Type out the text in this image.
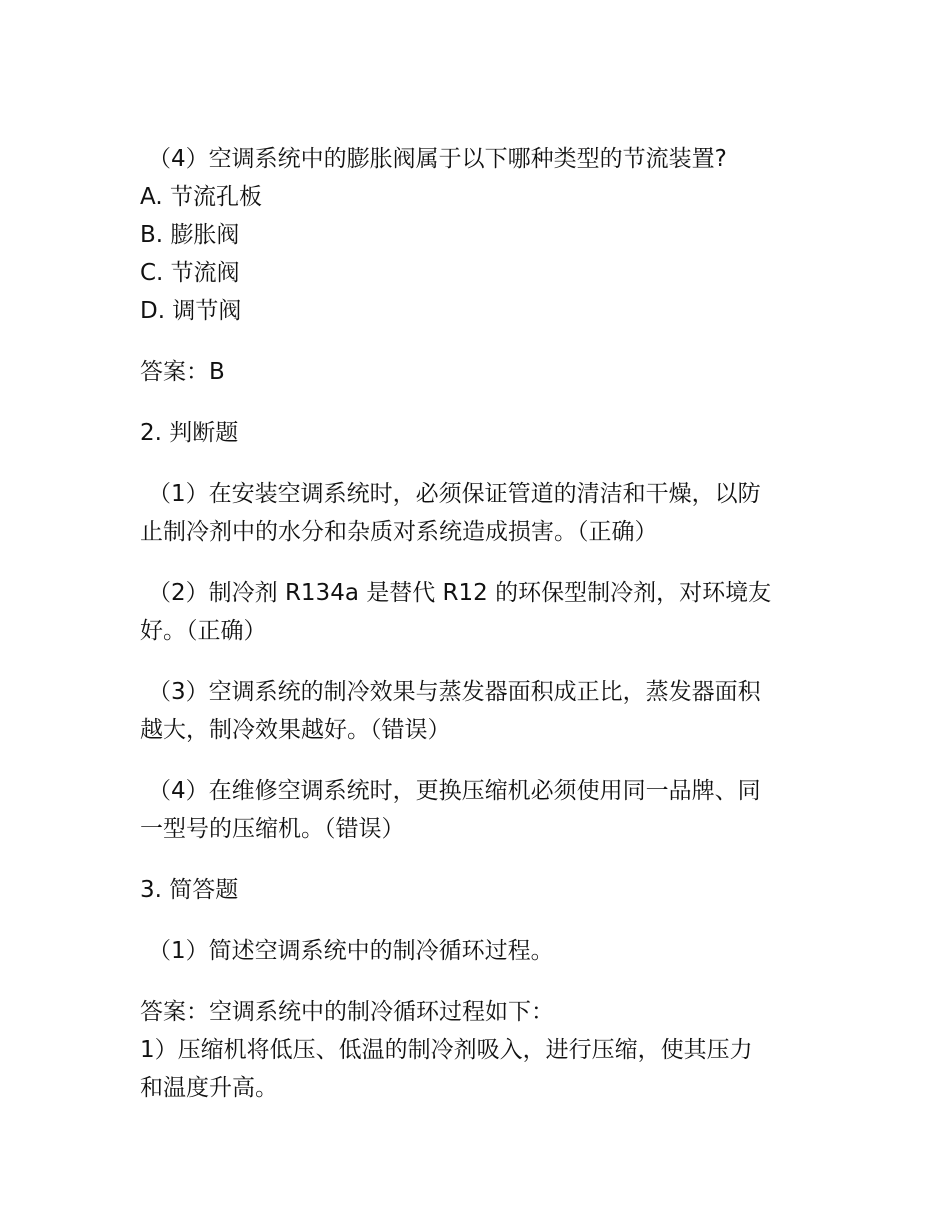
（4）空调系统中的膨胀阀属于以下哪种类型的节流装置?
A. 节流孔板
B. 膨胀阀
C. 节流阀
D. 调节阀
答案：B
2. 判断题
（1）在安装空调系统时，必须保证管道的清洁和干燥，以防
止制冷剂中的水分和杂质对系统造成损害。（正确）
（2）制冷剂 R134a 是替代 R12 的环保型制冷剂，对环境友
好。（正确）
（3）空调系统的制冷效果与蒸发器面积成正比，蒸发器面积
越大，制冷效果越好。（错误）
（4）在维修空调系统时，更换压缩机必须使用同一品牌、同
一型号的压缩机。（错误）
3. 简答题
（1）简述空调系统中的制冷循环过程。
答案：空调系统中的制冷循环过程如下：
1）压缩机将低压、低温的制冷剂吸入，进行压缩，使其压力
和温度升高。
